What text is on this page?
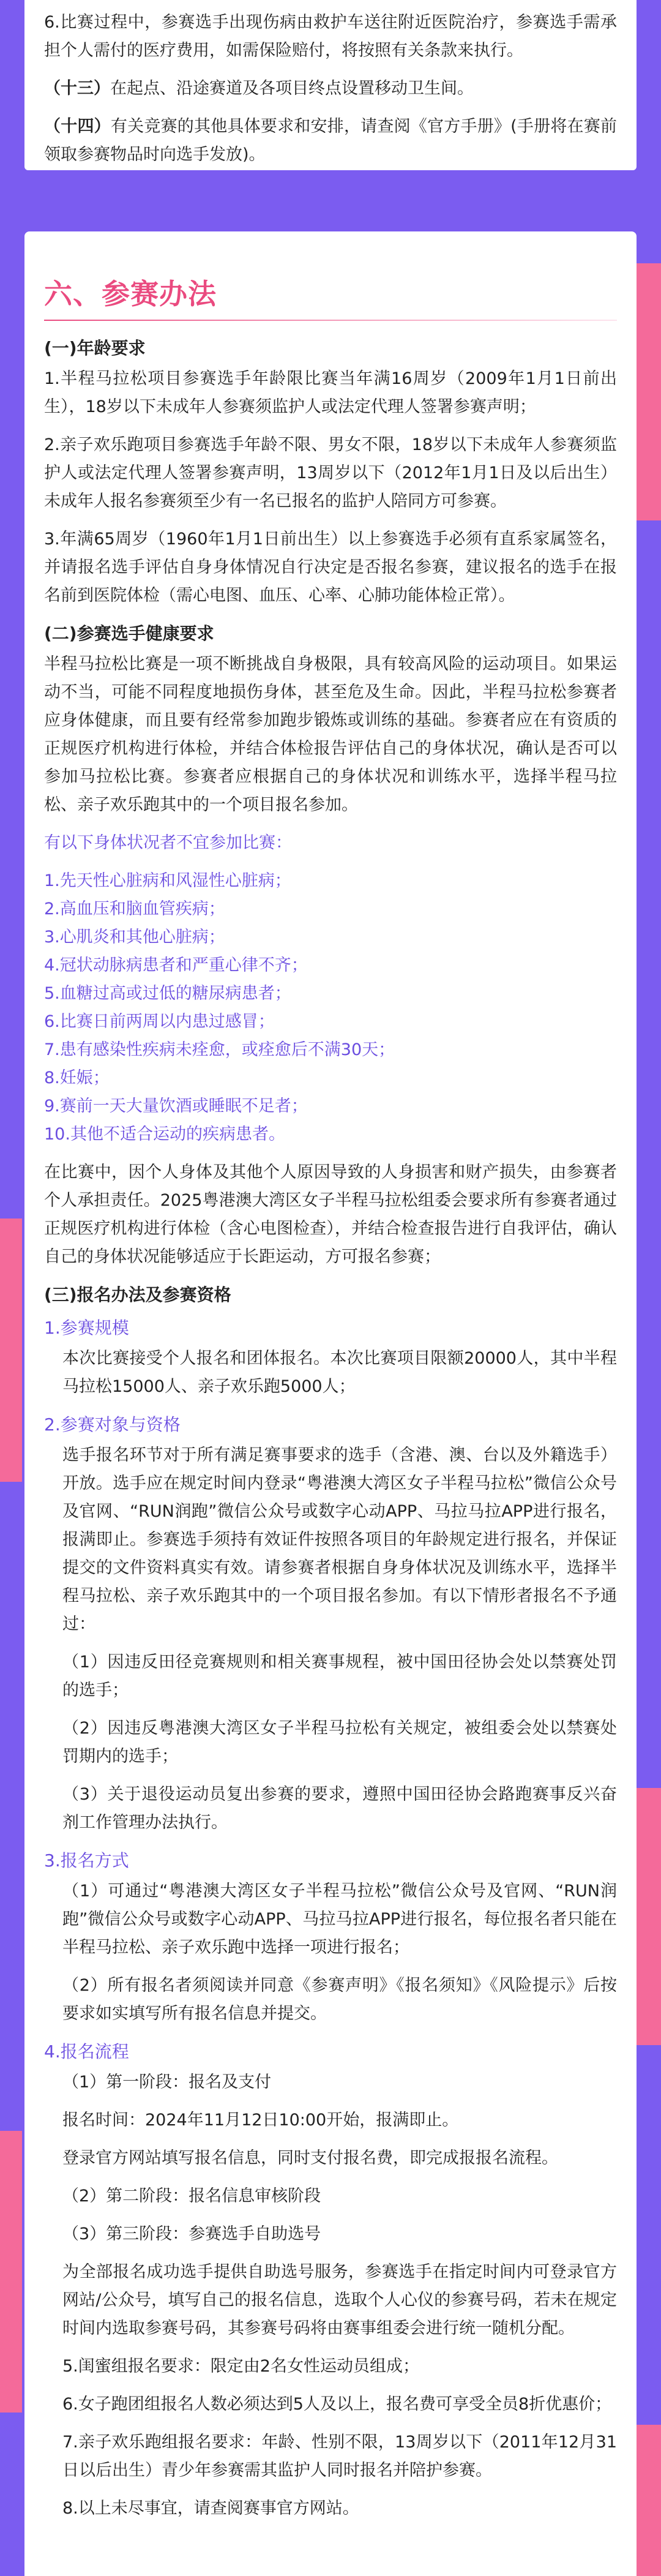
6.比赛过程中，参赛选手出现伤病由救护车送往附近医院治疗，参赛选手需承担个人需付的医疗费用，如需保险赔付，将按照有关条款来执行。

（十三）在起点、沿途赛道及各项目终点设置移动卫生间。

（十四）有关竞赛的其他具体要求和安排，请查阅《官方手册》(手册将在赛前领取参赛物品时向选手发放)。

六、参赛办法

(一)年龄要求

1.半程马拉松项目参赛选手年龄限比赛当年满16周岁（2009年1月1日前出生），18岁以下未成年人参赛须监护人或法定代理人签署参赛声明；

2.亲子欢乐跑项目参赛选手年龄不限、男女不限，18岁以下未成年人参赛须监护人或法定代理人签署参赛声明，13周岁以下（2012年1月1日及以后出生）未成年人报名参赛须至少有一名已报名的监护人陪同方可参赛。

3.年满65周岁（1960年1月1日前出生）以上参赛选手必须有直系家属签名，并请报名选手评估自身身体情况自行决定是否报名参赛，建议报名的选手在报名前到医院体检（需心电图、血压、心率、心肺功能体检正常）。

(二)参赛选手健康要求

半程马拉松比赛是一项不断挑战自身极限，具有较高风险的运动项目。如果运动不当，可能不同程度地损伤身体，甚至危及生命。因此，半程马拉松参赛者应身体健康，而且要有经常参加跑步锻炼或训练的基础。参赛者应在有资质的正规医疗机构进行体检，并结合体检报告评估自己的身体状况，确认是否可以参加马拉松比赛。参赛者应根据自己的身体状况和训练水平，选择半程马拉松、亲子欢乐跑其中的一个项目报名参加。

有以下身体状况者不宜参加比赛：

1.先天性心脏病和风湿性心脏病；

2.高血压和脑血管疾病；

3.心肌炎和其他心脏病；

4.冠状动脉病患者和严重心律不齐；

5.血糖过高或过低的糖尿病患者；

6.比赛日前两周以内患过感冒；

7.患有感染性疾病未痊愈，或痊愈后不满30天；

8.妊娠；

9.赛前一天大量饮酒或睡眠不足者；

10.其他不适合运动的疾病患者。

在比赛中，因个人身体及其他个人原因导致的人身损害和财产损失，由参赛者个人承担责任。2025粤港澳大湾区女子半程马拉松组委会要求所有参赛者通过正规医疗机构进行体检（含心电图检查），并结合检查报告进行自我评估，确认自己的身体状况能够适应于长距运动，方可报名参赛；

(三)报名办法及参赛资格

1.参赛规模

本次比赛接受个人报名和团体报名。本次比赛项目限额20000人，其中半程马拉松15000人、亲子欢乐跑5000人；

2.参赛对象与资格

选手报名环节对于所有满足赛事要求的选手（含港、澳、台以及外籍选手）开放。选手应在规定时间内登录“粤港澳大湾区女子半程马拉松”微信公众号及官网、“RUN润跑”微信公众号或数字心动APP、马拉马拉APP进行报名，报满即止。参赛选手须持有效证件按照各项目的年龄规定进行报名，并保证提交的文件资料真实有效。请参赛者根据自身身体状况及训练水平，选择半程马拉松、亲子欢乐跑其中的一个项目报名参加。有以下情形者报名不予通过：

（1）因违反田径竞赛规则和相关赛事规程，被中国田径协会处以禁赛处罚的选手；

（2）因违反粤港澳大湾区女子半程马拉松有关规定，被组委会处以禁赛处罚期内的选手；

（3）关于退役运动员复出参赛的要求，遵照中国田径协会路跑赛事反兴奋剂工作管理办法执行。

3.报名方式

（1）可通过“粤港澳大湾区女子半程马拉松”微信公众号及官网、“RUN润跑”微信公众号或数字心动APP、马拉马拉APP进行报名，每位报名者只能在半程马拉松、亲子欢乐跑中选择一项进行报名；

（2）所有报名者须阅读并同意《参赛声明》《报名须知》《风险提示》后按要求如实填写所有报名信息并提交。

4.报名流程

（1）第一阶段：报名及支付

报名时间：2024年11月12日10:00开始，报满即止。

登录官方网站填写报名信息，同时支付报名费，即完成报报名流程。

（2）第二阶段：报名信息审核阶段

（3）第三阶段：参赛选手自助选号

为全部报名成功选手提供自助选号服务，参赛选手在指定时间内可登录官方网站/公众号，填写自己的报名信息，选取个人心仪的参赛号码，若未在规定时间内选取参赛号码，其参赛号码将由赛事组委会进行统一随机分配。

5.闺蜜组报名要求：限定由2名女性运动员组成；

6.女子跑团组报名人数必须达到5人及以上，报名费可享受全员8折优惠价；

7.亲子欢乐跑组报名要求：年龄、性别不限，13周岁以下（2011年12月31日以后出生）青少年参赛需其监护人同时报名并陪护参赛。

8.以上未尽事宜，请查阅赛事官方网站。
